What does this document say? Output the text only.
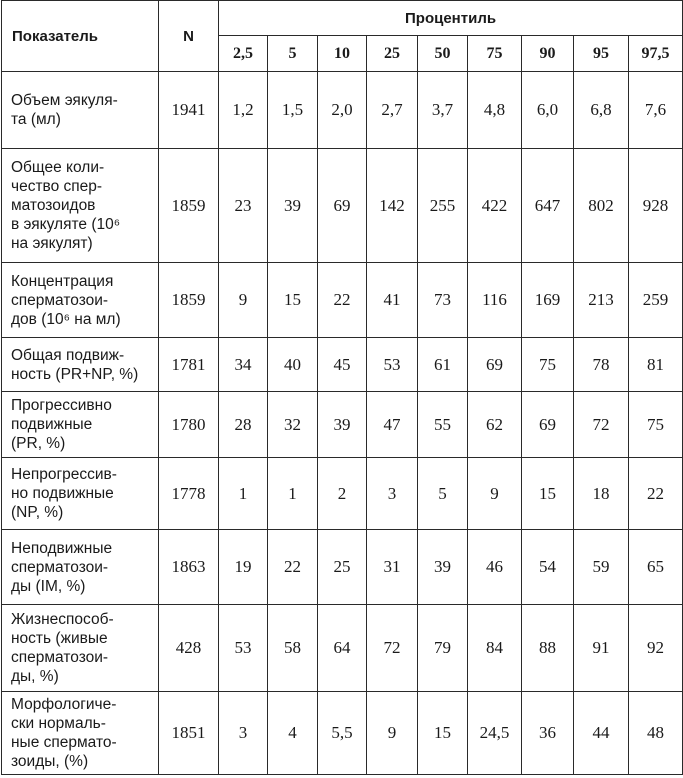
Показатель	N	Процентиль								
		2,5	5	10	25	50	75	90	95	97,5

Объем эякуля-
та (мл)	1941	1,2	1,5	2,0	2,7	3,7	4,8	6,0	6,8	7,6

Общее коли-
чество спер-
матозоидов
в эякуляте (10⁶
на эякулят)	1859	23	39	69	142	255	422	647	802	928

Концентрация
сперматозои-
дов (10⁶ на мл)	1859	9	15	22	41	73	116	169	213	259

Общая подвиж-
ность (PR+NP, %)	1781	34	40	45	53	61	69	75	78	81

Прогрессивно
подвижные
(PR, %)	1780	28	32	39	47	55	62	69	72	75

Непрогрессив-
но подвижные
(NP, %)	1778	1	1	2	3	5	9	15	18	22

Неподвижные
сперматозои-
ды (IM, %)	1863	19	22	25	31	39	46	54	59	65

Жизнеспособ-
ность (живые
сперматозои-
ды, %)	428	53	58	64	72	79	84	88	91	92

Морфологиче-
ски нормаль-
ные спермато-
зоиды, (%)	1851	3	4	5,5	9	15	24,5	36	44	48
